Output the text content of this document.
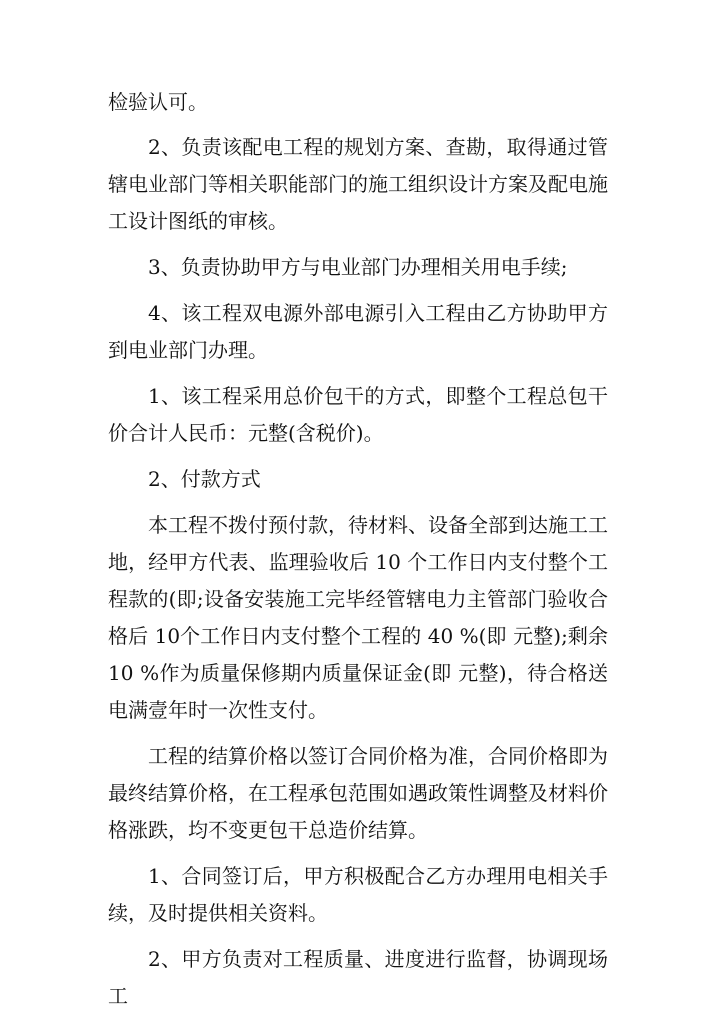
检验认可。

2、负责该配电工程的规划方案、查勘，取得通过管辖电业部门等相关职能部门的施工组织设计方案及配电施工设计图纸的审核。

3、负责协助甲方与电业部门办理相关用电手续;

4、该工程双电源外部电源引入工程由乙方协助甲方到电业部门办理。

1、该工程采用总价包干的方式，即整个工程总包干价合计人民币：元整(含税价)。

2、付款方式

本工程不拨付预付款，待材料、设备全部到达施工工地，经甲方代表、监理验收后 10 个工作日内支付整个工程款的(即;设备安装施工完毕经管辖电力主管部门验收合格后 10个工作日内支付整个工程的 40 %(即 元整);剩余 10 %作为质量保修期内质量保证金(即 元整)，待合格送电满壹年时一次性支付。

工程的结算价格以签订合同价格为准，合同价格即为最终结算价格，在工程承包范围如遇政策性调整及材料价格涨跌，均不变更包干总造价结算。

1、合同签订后，甲方积极配合乙方办理用电相关手续，及时提供相关资料。

2、甲方负责对工程质量、进度进行监督，协调现场工
